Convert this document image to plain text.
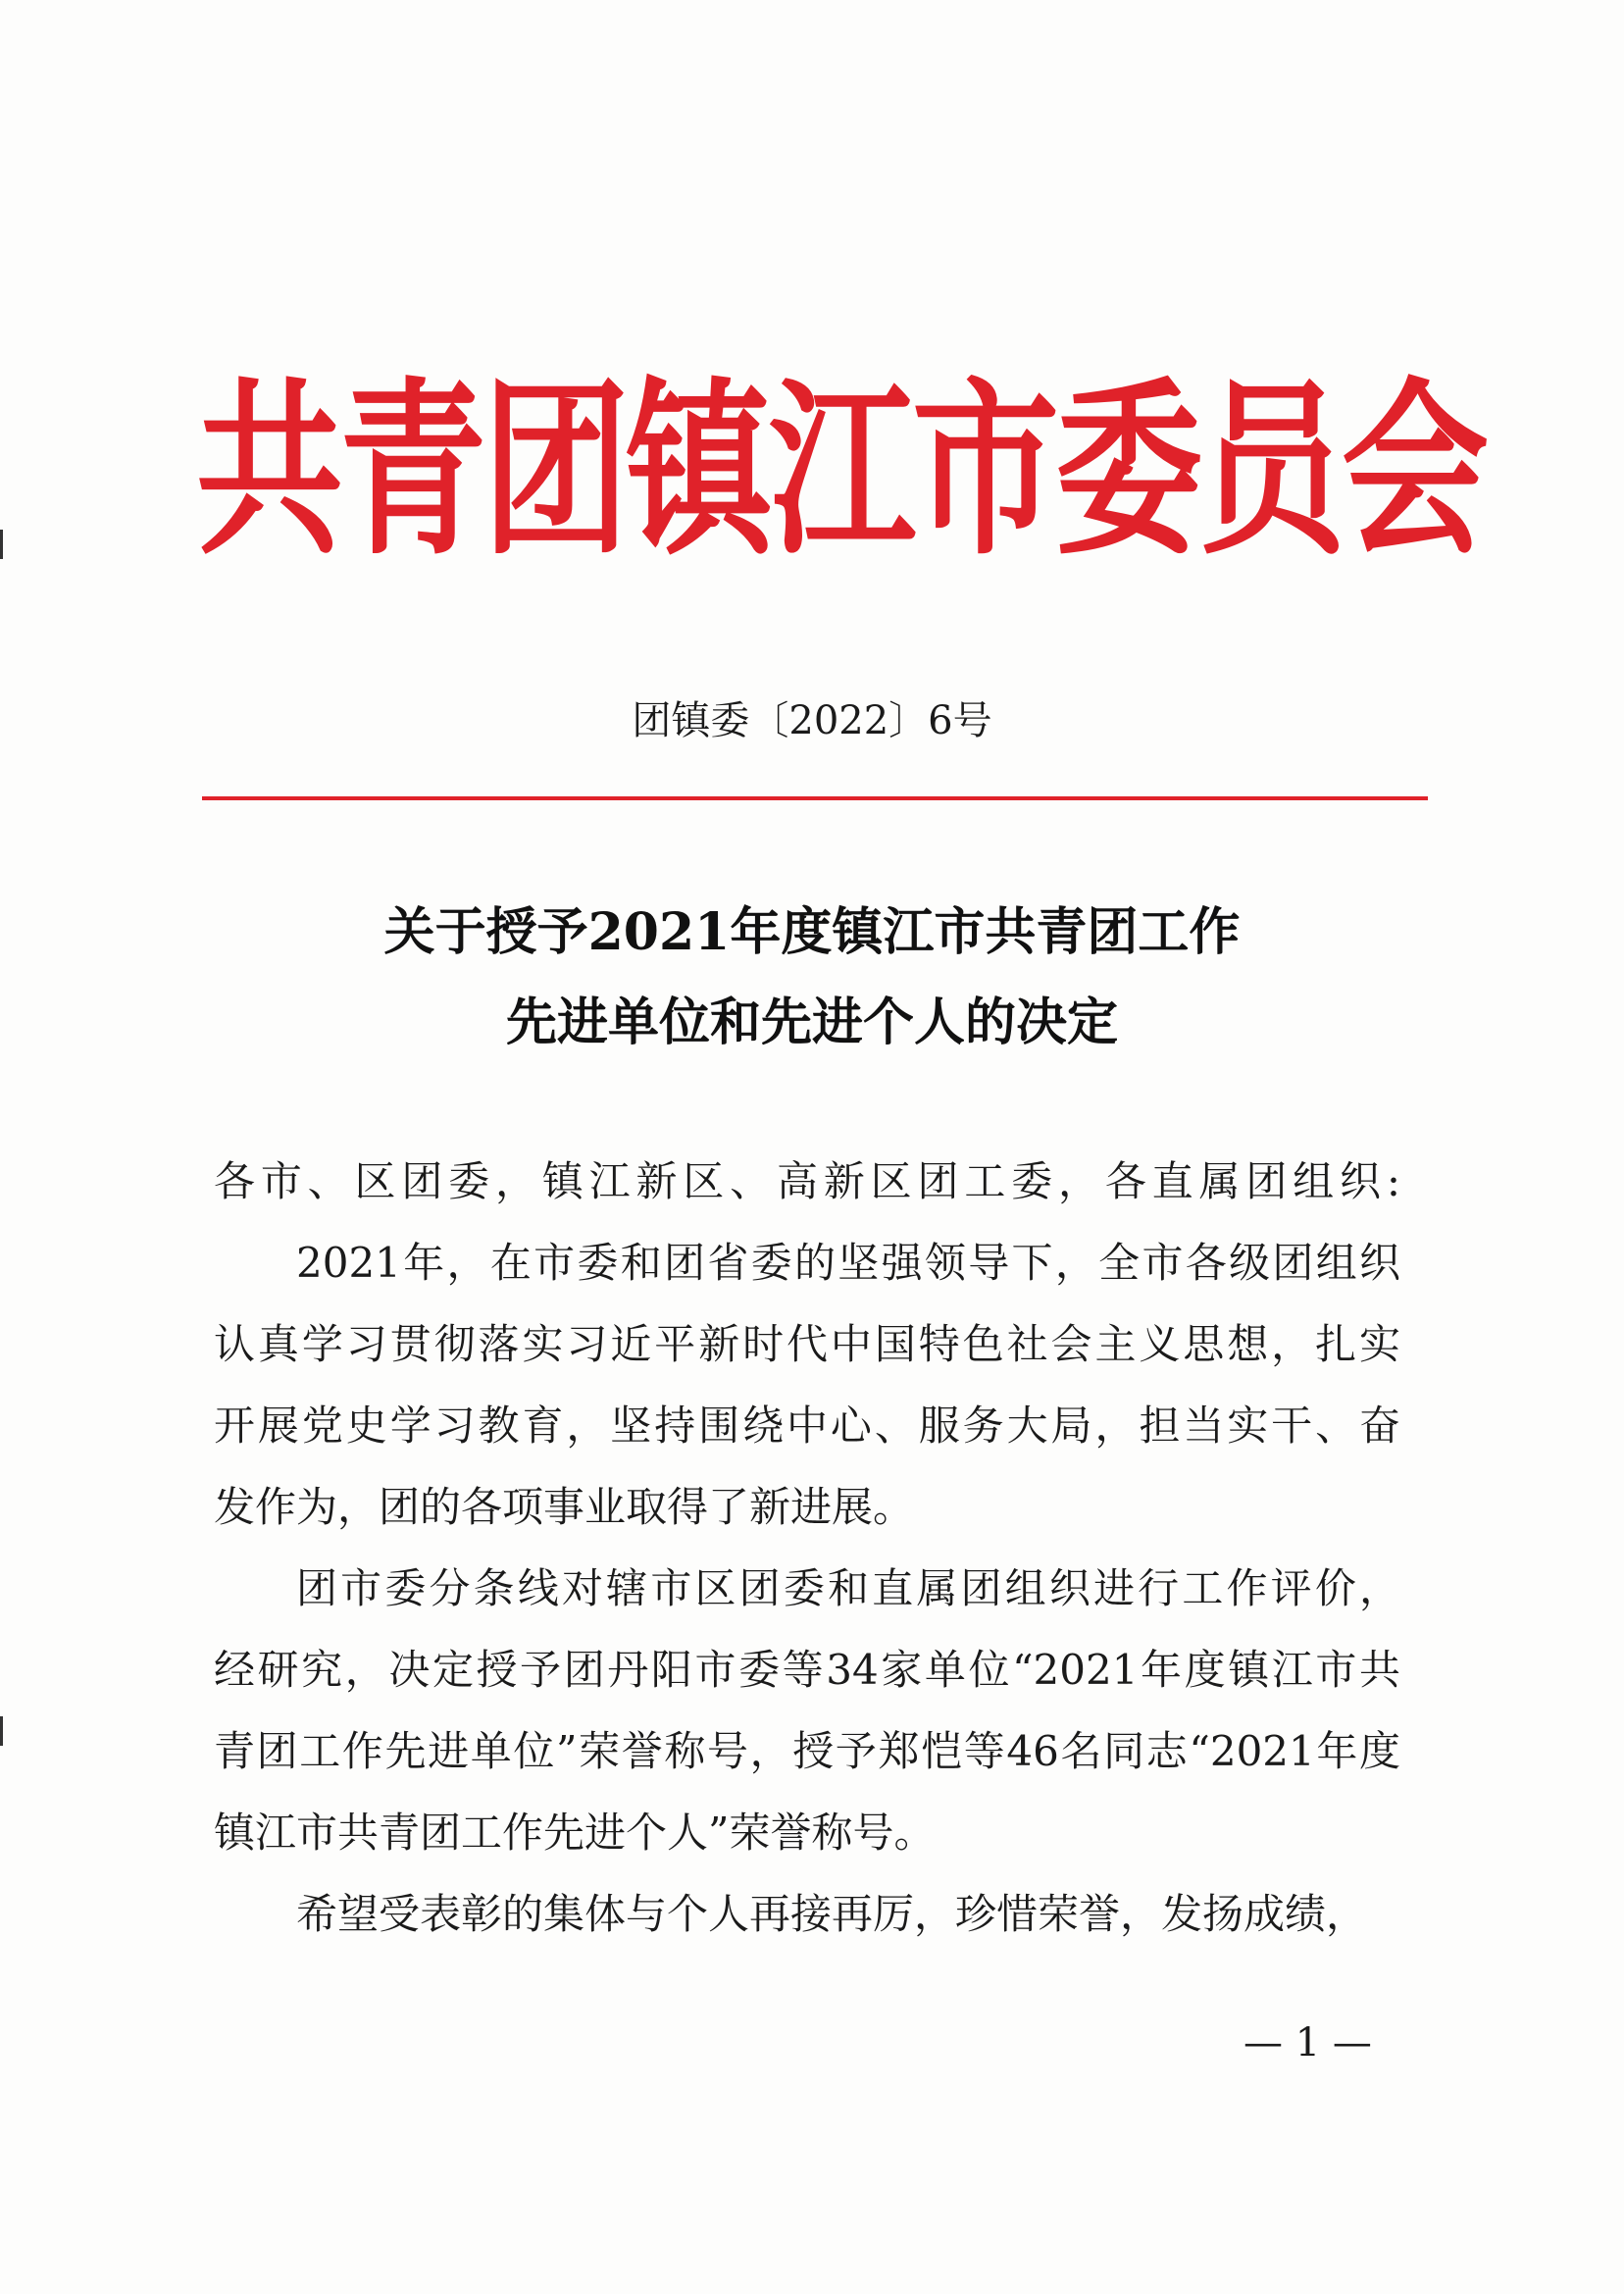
共青团镇江市委员会
团镇委〔2022〕6号
关于授予2021年度镇江市共青团工作
先进单位和先进个人的决定
各市、区团委，镇江新区、高新区团工委，各直属团组织:
2021年，在市委和团省委的坚强领导下，全市各级团组织
认真学习贯彻落实习近平新时代中国特色社会主义思想，扎实
开展党史学习教育，坚持围绕中心、服务大局，担当实干、奋
发作为，团的各项事业取得了新进展。
团市委分条线对辖市区团委和直属团组织进行工作评价，
经研究，决定授予团丹阳市委等34家单位“2021年度镇江市共
青团工作先进单位”荣誉称号，授予郑恺等46名同志“2021年度
镇江市共青团工作先进个人”荣誉称号。
希望受表彰的集体与个人再接再厉，珍惜荣誉，发扬成绩，
— 1 —
